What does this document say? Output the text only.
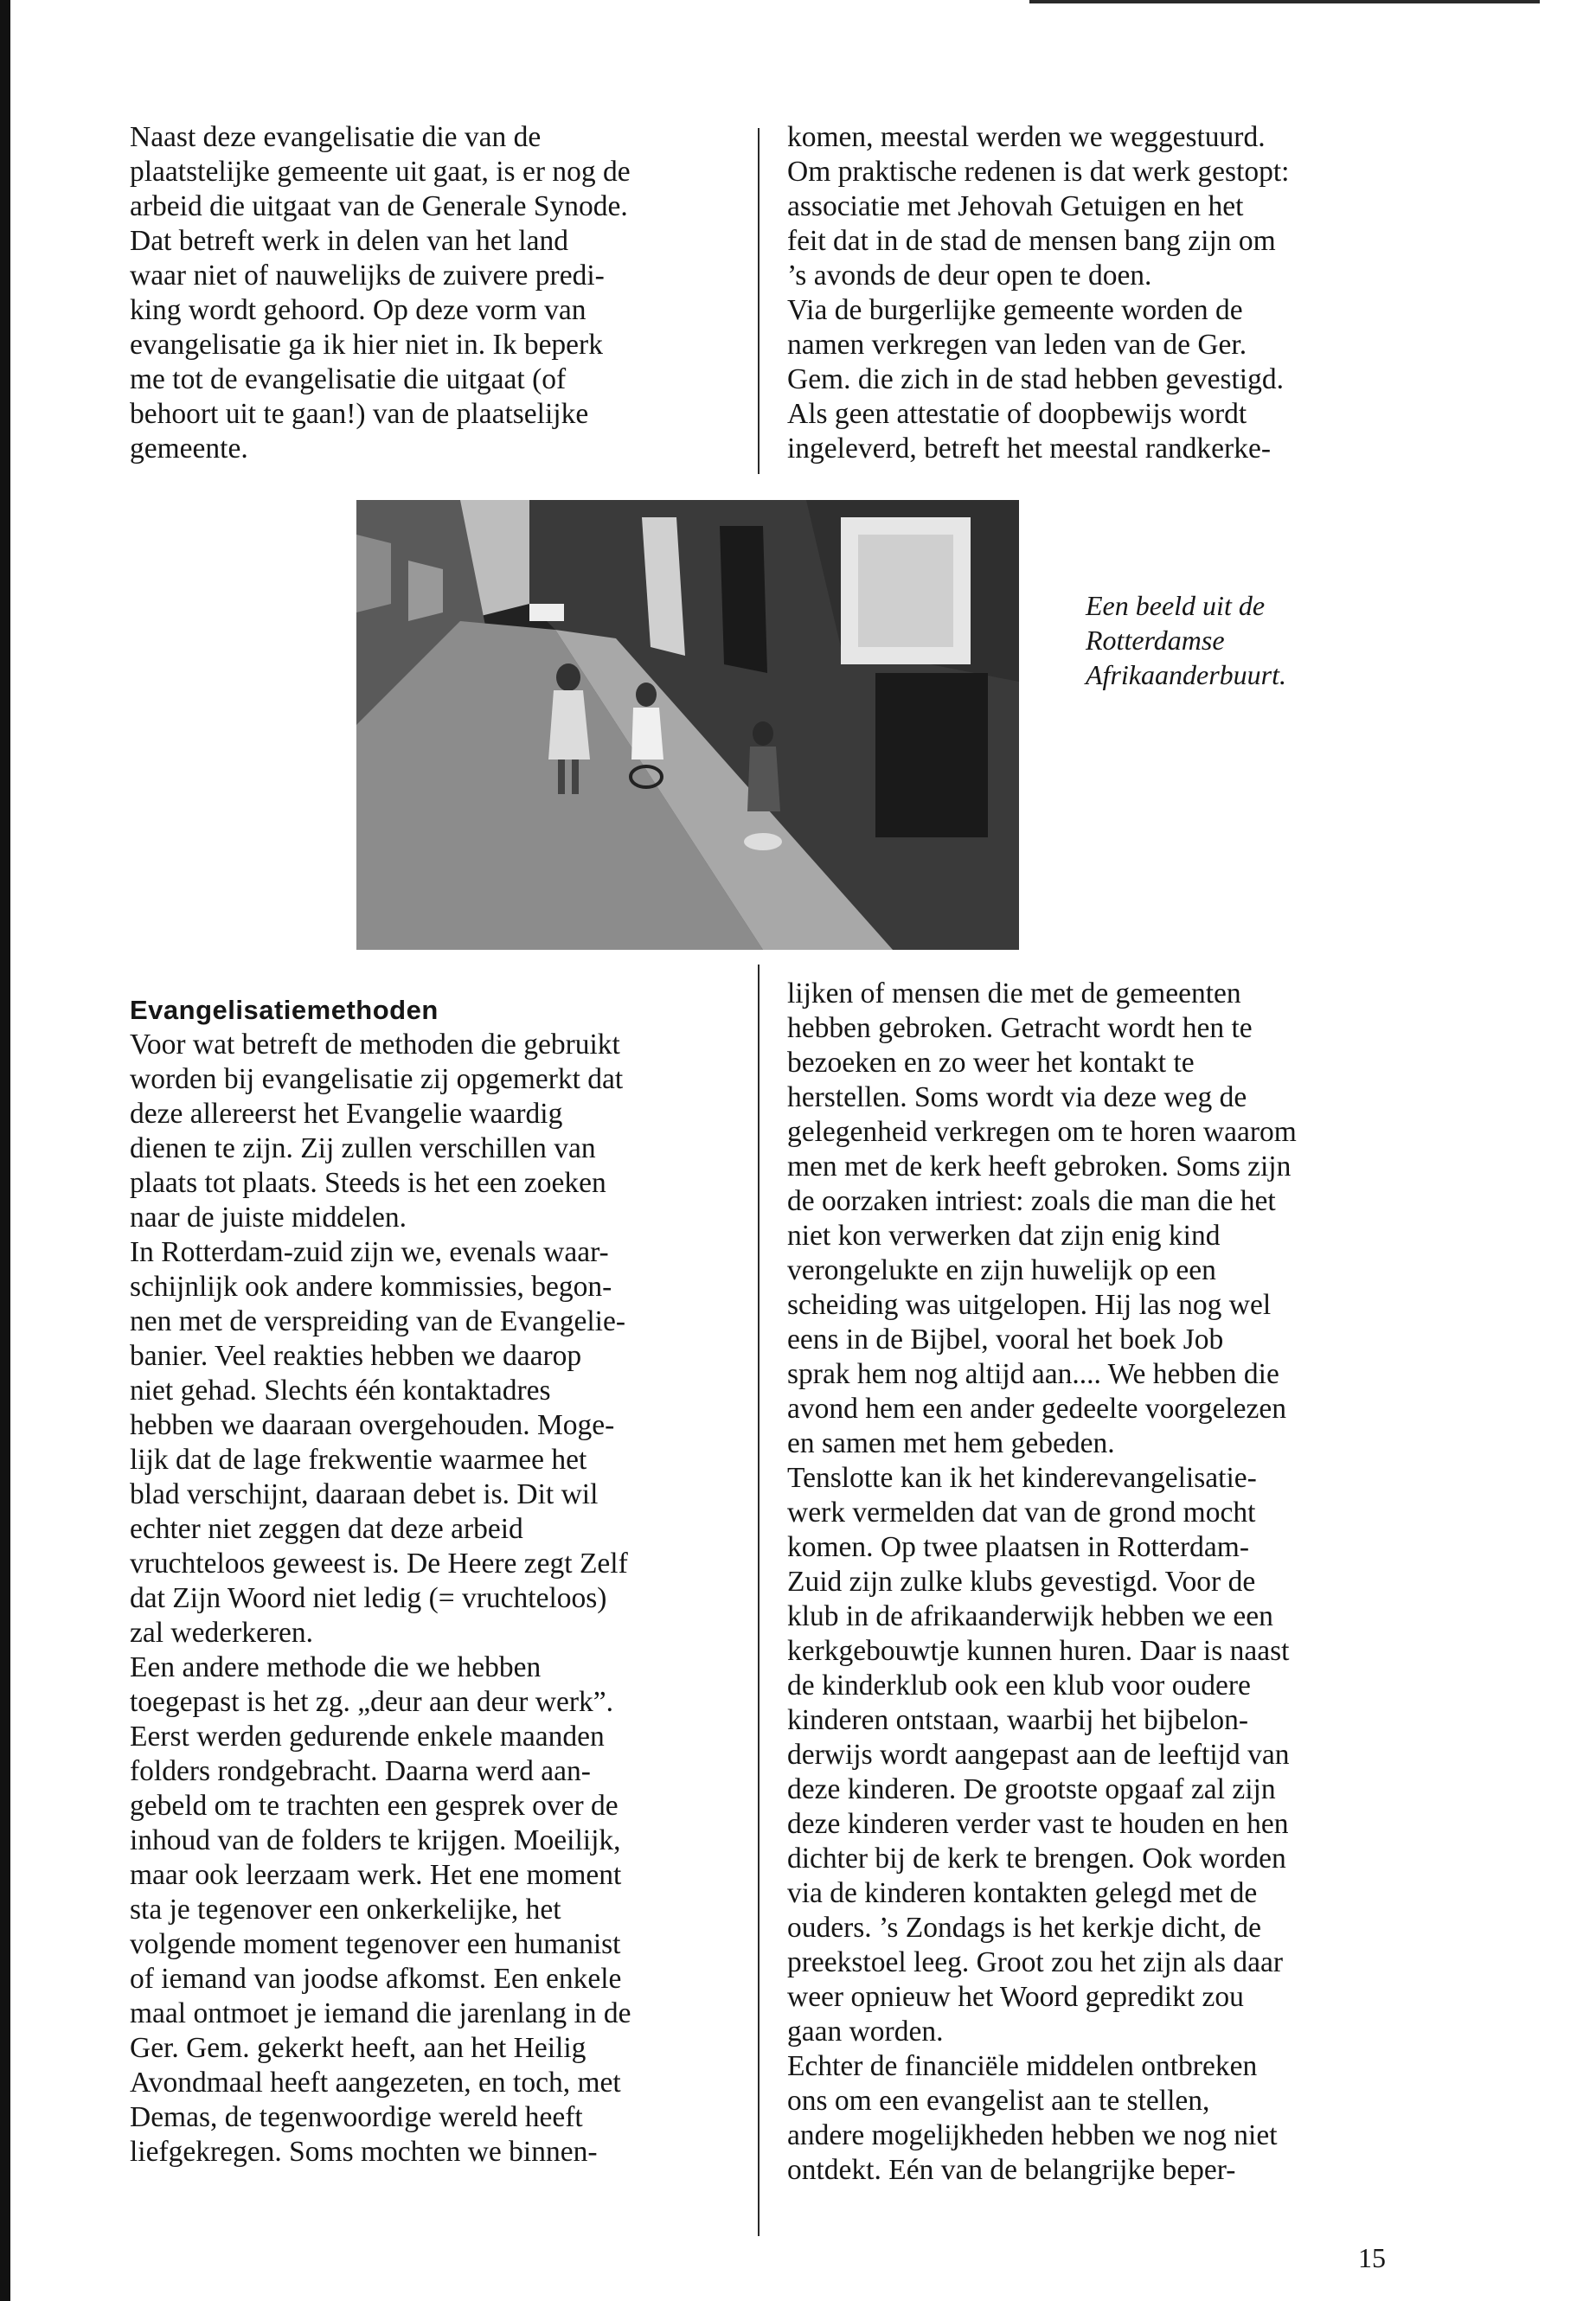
Naast deze evangelisatie die van de
plaatstelijke gemeente uit gaat, is er nog de
arbeid die uitgaat van de Generale Synode.
Dat betreft werk in delen van het land
waar niet of nauwelijks de zuivere predi-
king wordt gehoord. Op deze vorm van
evangelisatie ga ik hier niet in. Ik beperk
me tot de evangelisatie die uitgaat (of
behoort uit te gaan!) van de plaatselijke
gemeente.
komen, meestal werden we weggestuurd.
Om praktische redenen is dat werk gestopt:
associatie met Jehovah Getuigen en het
feit dat in de stad de mensen bang zijn om
’s avonds de deur open te doen.
Via de burgerlijke gemeente worden de
namen verkregen van leden van de Ger.
Gem. die zich in de stad hebben gevestigd.
Als geen attestatie of doopbewijs wordt
ingeleverd, betreft het meestal randkerke-
Een beeld uit de
Rotterdamse
Afrikaanderbuurt.
Evangelisatiemethoden
Voor wat betreft de methoden die gebruikt
worden bij evangelisatie zij opgemerkt dat
deze allereerst het Evangelie waardig
dienen te zijn. Zij zullen verschillen van
plaats tot plaats. Steeds is het een zoeken
naar de juiste middelen.
In Rotterdam-zuid zijn we, evenals waar-
schijnlijk ook andere kommissies, begon-
nen met de verspreiding van de Evangelie-
banier. Veel reakties hebben we daarop
niet gehad. Slechts één kontaktadres
hebben we daaraan overgehouden. Moge-
lijk dat de lage frekwentie waarmee het
blad verschijnt, daaraan debet is. Dit wil
echter niet zeggen dat deze arbeid
vruchteloos geweest is. De Heere zegt Zelf
dat Zijn Woord niet ledig (= vruchteloos)
zal wederkeren.
Een andere methode die we hebben
toegepast is het zg. „deur aan deur werk”.
Eerst werden gedurende enkele maanden
folders rondgebracht. Daarna werd aan-
gebeld om te trachten een gesprek over de
inhoud van de folders te krijgen. Moeilijk,
maar ook leerzaam werk. Het ene moment
sta je tegenover een onkerkelijke, het
volgende moment tegenover een humanist
of iemand van joodse afkomst. Een enkele
maal ontmoet je iemand die jarenlang in de
Ger. Gem. gekerkt heeft, aan het Heilig
Avondmaal heeft aangezeten, en toch, met
Demas, de tegenwoordige wereld heeft
liefgekregen. Soms mochten we binnen-
lijken of mensen die met de gemeenten
hebben gebroken. Getracht wordt hen te
bezoeken en zo weer het kontakt te
herstellen. Soms wordt via deze weg de
gelegenheid verkregen om te horen waarom
men met de kerk heeft gebroken. Soms zijn
de oorzaken intriest: zoals die man die het
niet kon verwerken dat zijn enig kind
verongelukte en zijn huwelijk op een
scheiding was uitgelopen. Hij las nog wel
eens in de Bijbel, vooral het boek Job
sprak hem nog altijd aan.... We hebben die
avond hem een ander gedeelte voorgelezen
en samen met hem gebeden.
Tenslotte kan ik het kinderevangelisatie-
werk vermelden dat van de grond mocht
komen. Op twee plaatsen in Rotterdam-
Zuid zijn zulke klubs gevestigd. Voor de
klub in de afrikaanderwijk hebben we een
kerkgebouwtje kunnen huren. Daar is naast
de kinderklub ook een klub voor oudere
kinderen ontstaan, waarbij het bijbelon-
derwijs wordt aangepast aan de leeftijd van
deze kinderen. De grootste opgaaf zal zijn
deze kinderen verder vast te houden en hen
dichter bij de kerk te brengen. Ook worden
via de kinderen kontakten gelegd met de
ouders. ’s Zondags is het kerkje dicht, de
preekstoel leeg. Groot zou het zijn als daar
weer opnieuw het Woord gepredikt zou
gaan worden.
Echter de financiële middelen ontbreken
ons om een evangelist aan te stellen,
andere mogelijkheden hebben we nog niet
ontdekt. Eén van de belangrijke beper-
15
